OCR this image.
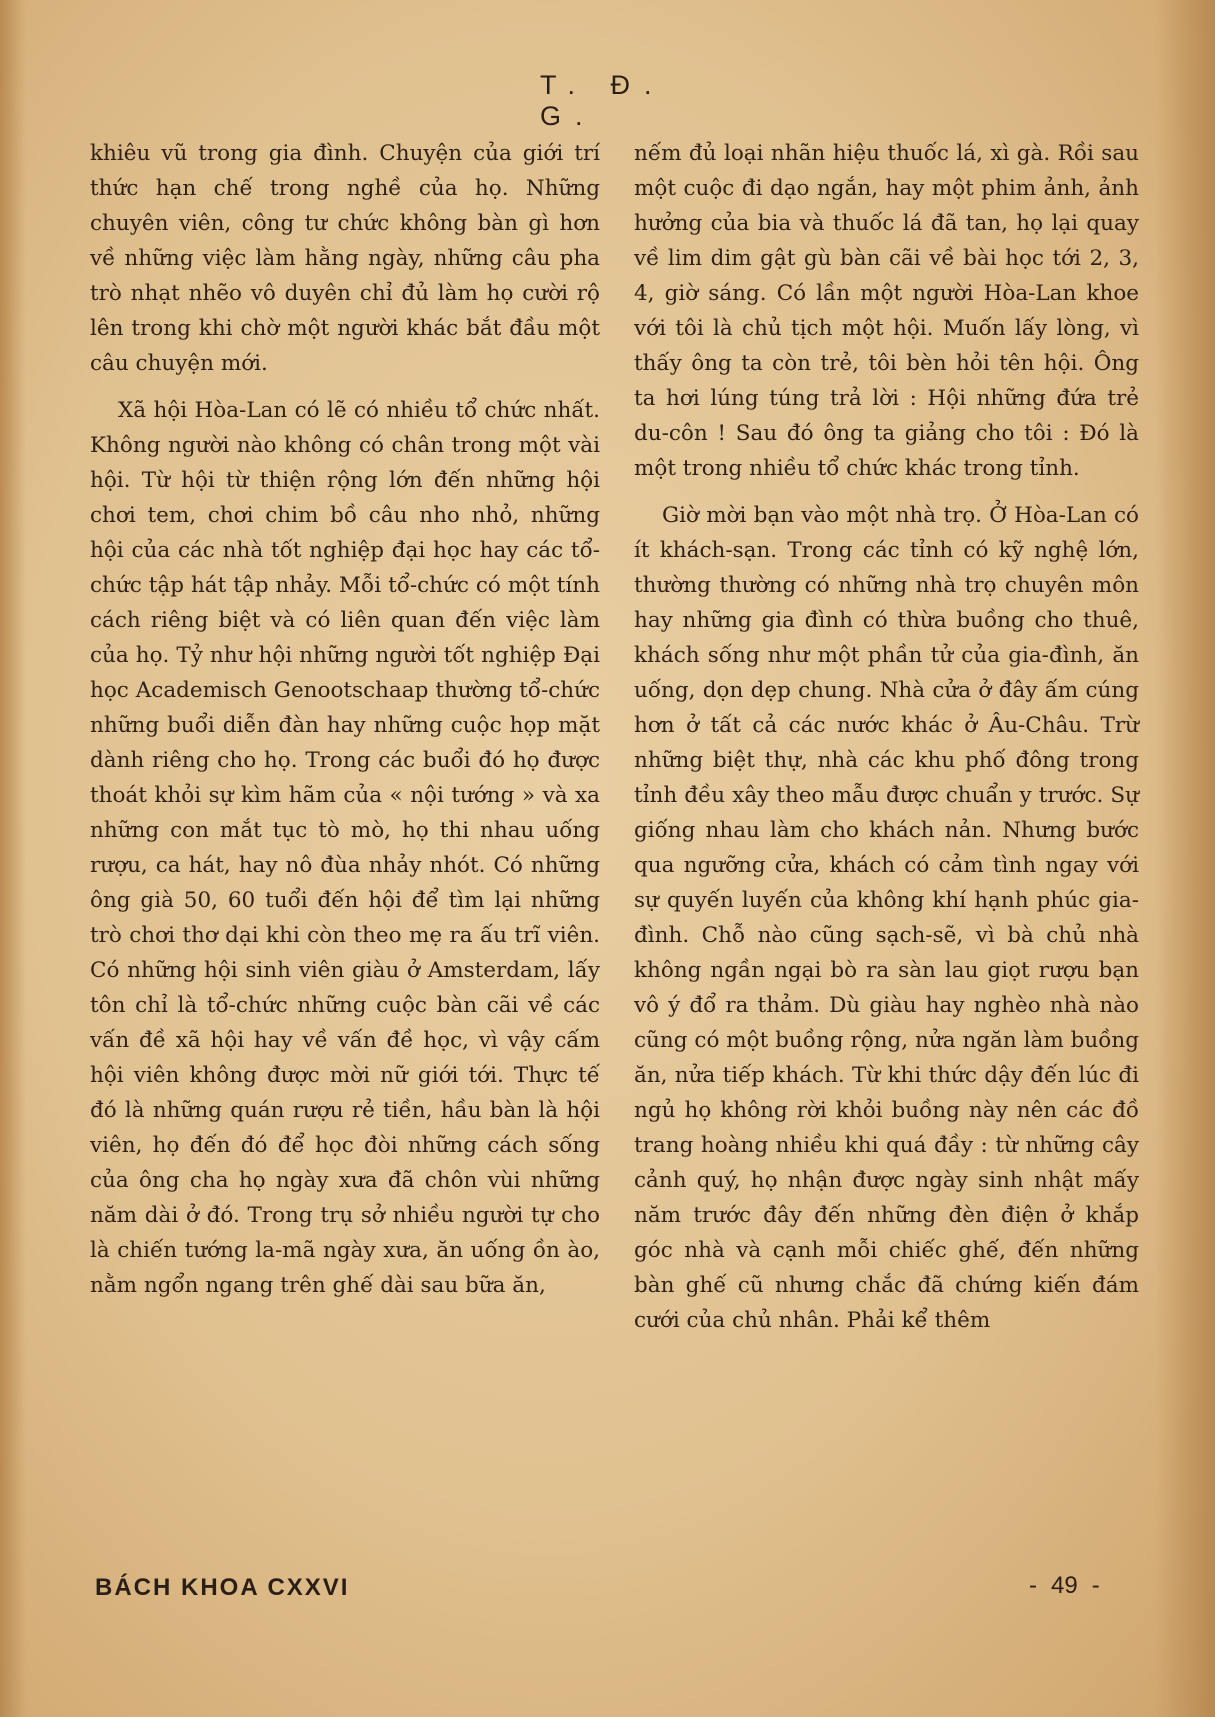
T. Đ. G.

khiêu vũ trong gia đình. Chuyện của giới trí thức hạn chế trong nghề của họ. Những chuyên viên, công tư chức không bàn gì hơn về những việc làm hằng ngày, những câu pha trò nhạt nhẽo vô duyên chỉ đủ làm họ cười rộ lên trong khi chờ một người khác bắt đầu một câu chuyện mới.

Xã hội Hòa-Lan có lẽ có nhiều tổ chức nhất. Không người nào không có chân trong một vài hội. Từ hội từ thiện rộng lớn đến những hội chơi tem, chơi chim bồ câu nho nhỏ, những hội của các nhà tốt nghiệp đại học hay các tổ-chức tập hát tập nhảy. Mỗi tổ-chức có một tính cách riêng biệt và có liên quan đến việc làm của họ. Tỷ như hội những người tốt nghiệp Đại học Academisch Genootschaap thường tổ-chức những buổi diễn đàn hay những cuộc họp mặt dành riêng cho họ. Trong các buổi đó họ được thoát khỏi sự kìm hãm của « nội tướng » và xa những con mắt tục tò mò, họ thi nhau uống rượu, ca hát, hay nô đùa nhảy nhót. Có những ông già 50, 60 tuổi đến hội để tìm lại những trò chơi thơ dại khi còn theo mẹ ra ấu trĩ viên. Có những hội sinh viên giàu ở Amsterdam, lấy tôn chỉ là tổ-chức những cuộc bàn cãi về các vấn đề xã hội hay về vấn đề học, vì vậy cấm hội viên không được mời nữ giới tới. Thực tế đó là những quán rượu rẻ tiền, hầu bàn là hội viên, họ đến đó để học đòi những cách sống của ông cha họ ngày xưa đã chôn vùi những năm dài ở đó. Trong trụ sở nhiều người tự cho là chiến tướng la-mã ngày xưa, ăn uống ồn ào, nằm ngổn ngang trên ghế dài sau bữa ăn,

nếm đủ loại nhãn hiệu thuốc lá, xì gà. Rồi sau một cuộc đi dạo ngắn, hay một phim ảnh, ảnh hưởng của bia và thuốc lá đã tan, họ lại quay về lim dim gật gù bàn cãi về bài học tới 2, 3, 4, giờ sáng. Có lần một người Hòa-Lan khoe với tôi là chủ tịch một hội. Muốn lấy lòng, vì thấy ông ta còn trẻ, tôi bèn hỏi tên hội. Ông ta hơi lúng túng trả lời : Hội những đứa trẻ du-côn ! Sau đó ông ta giảng cho tôi : Đó là một trong nhiều tổ chức khác trong tỉnh.

Giờ mời bạn vào một nhà trọ. Ở Hòa-Lan có ít khách-sạn. Trong các tỉnh có kỹ nghệ lớn, thường thường có những nhà trọ chuyên môn hay những gia đình có thừa buồng cho thuê, khách sống như một phần tử của gia-đình, ăn uống, dọn dẹp chung. Nhà cửa ở đây ấm cúng hơn ở tất cả các nước khác ở Âu-Châu. Trừ những biệt thự, nhà các khu phố đông trong tỉnh đều xây theo mẫu được chuẩn y trước. Sự giống nhau làm cho khách nản. Nhưng bước qua ngưỡng cửa, khách có cảm tình ngay với sự quyến luyến của không khí hạnh phúc gia-đình. Chỗ nào cũng sạch-sẽ, vì bà chủ nhà không ngần ngại bò ra sàn lau giọt rượu bạn vô ý đổ ra thảm. Dù giàu hay nghèo nhà nào cũng có một buồng rộng, nửa ngăn làm buồng ăn, nửa tiếp khách. Từ khi thức dậy đến lúc đi ngủ họ không rời khỏi buồng này nên các đồ trang hoàng nhiều khi quá đầy : từ những cây cảnh quý, họ nhận được ngày sinh nhật mấy năm trước đây đến những đèn điện ở khắp góc nhà và cạnh mỗi chiếc ghế, đến những bàn ghế cũ nhưng chắc đã chứng kiến đám cưới của chủ nhân. Phải kể thêm

BÁCH KHOA CXXVI	- 49 -
